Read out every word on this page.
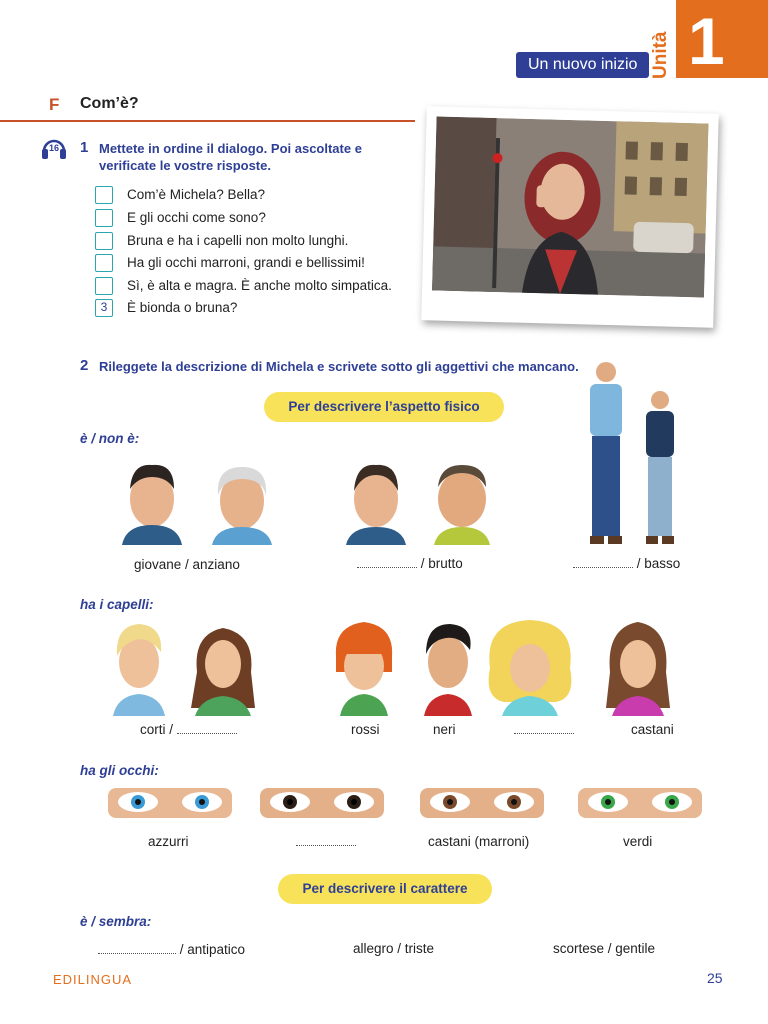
Unità 1
Un nuovo inizio
F Com’è?
16 1 Mettete in ordine il dialogo. Poi ascoltate e
verificate le vostre risposte.
Com’è Michela? Bella?
E gli occhi come sono?
Bruna e ha i capelli non molto lunghi.
Ha gli occhi marroni, grandi e bellissimi!
Sì, è alta e magra. È anche molto simpatica.
3	È bionda o bruna?
2 Rileggete la descrizione di Michela e scrivete sotto gli aggettivi che mancano.
Per descrivere l’aspetto fisico
è / non è:
giovane / anziano	/ brutto	/ basso
ha i capelli:
corti /	rossi	neri	castani
ha gli occhi:
azzurri	castani (marroni)	verdi
Per descrivere il carattere
è / sembra:
/ antipatico	allegro / triste	scortese / gentile
EDILINGUA	25
